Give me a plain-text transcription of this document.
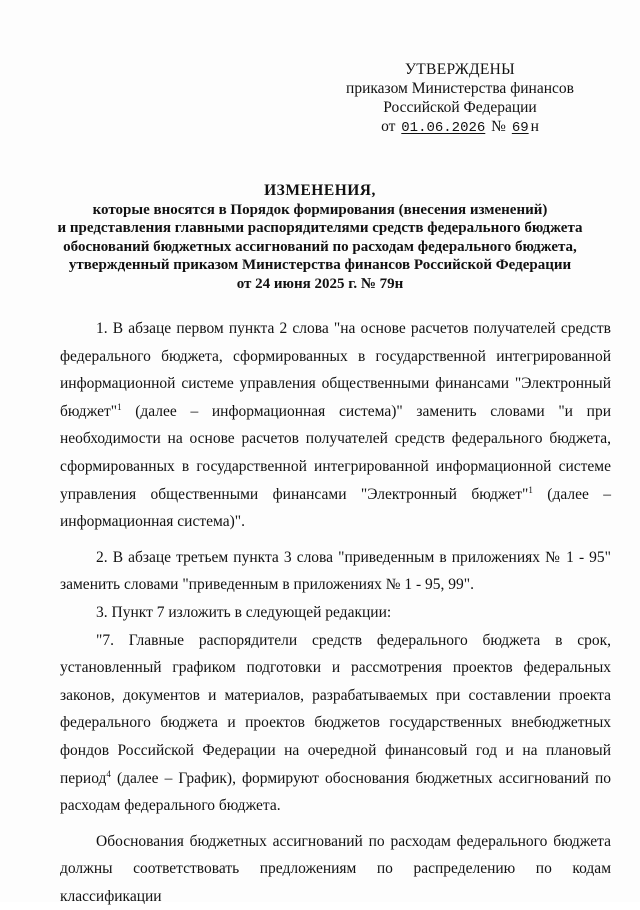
УТВЕРЖДЕНЫ
приказом Министерства финансов
Российской Федерации
от 01.06.2026 № 69 н
ИЗМЕНЕНИЯ,
которые вносятся в Порядок формирования (внесения изменений)
и представления главными распорядителями средств федерального бюджета
обоснований бюджетных ассигнований по расходам федерального бюджета,
утвержденный приказом Министерства финансов Российской Федерации
от 24 июня 2025 г. № 79н

1. В абзаце первом пункта 2 слова "на основе расчетов получателей средств федерального бюджета, сформированных в государственной интегрированной информационной системе управления общественными финансами "Электронный бюджет"$^1$ (далее – информационная система)" заменить словами "и при необходимости на основе расчетов получателей средств федерального бюджета, сформированных в государственной интегрированной информационной системе управления общественными финансами "Электронный бюджет"$^1$ (далее – информационная система)".

2. В абзаце третьем пункта 3 слова "приведенным в приложениях № 1 - 95" заменить словами "приведенным в приложениях № 1 - 95, 99".

3. Пункт 7 изложить в следующей редакции:

"7. Главные распорядители средств федерального бюджета в срок, установленный графиком подготовки и рассмотрения проектов федеральных законов, документов и материалов, разрабатываемых при составлении проекта федерального бюджета и проектов бюджетов государственных внебюджетных фондов Российской Федерации на очередной финансовый год и на плановый период$^4$ (далее – График), формируют обоснования бюджетных ассигнований по расходам федерального бюджета.

Обоснования бюджетных ассигнований по расходам федерального бюджета должны соответствовать предложениям по распределению по кодам классификации
